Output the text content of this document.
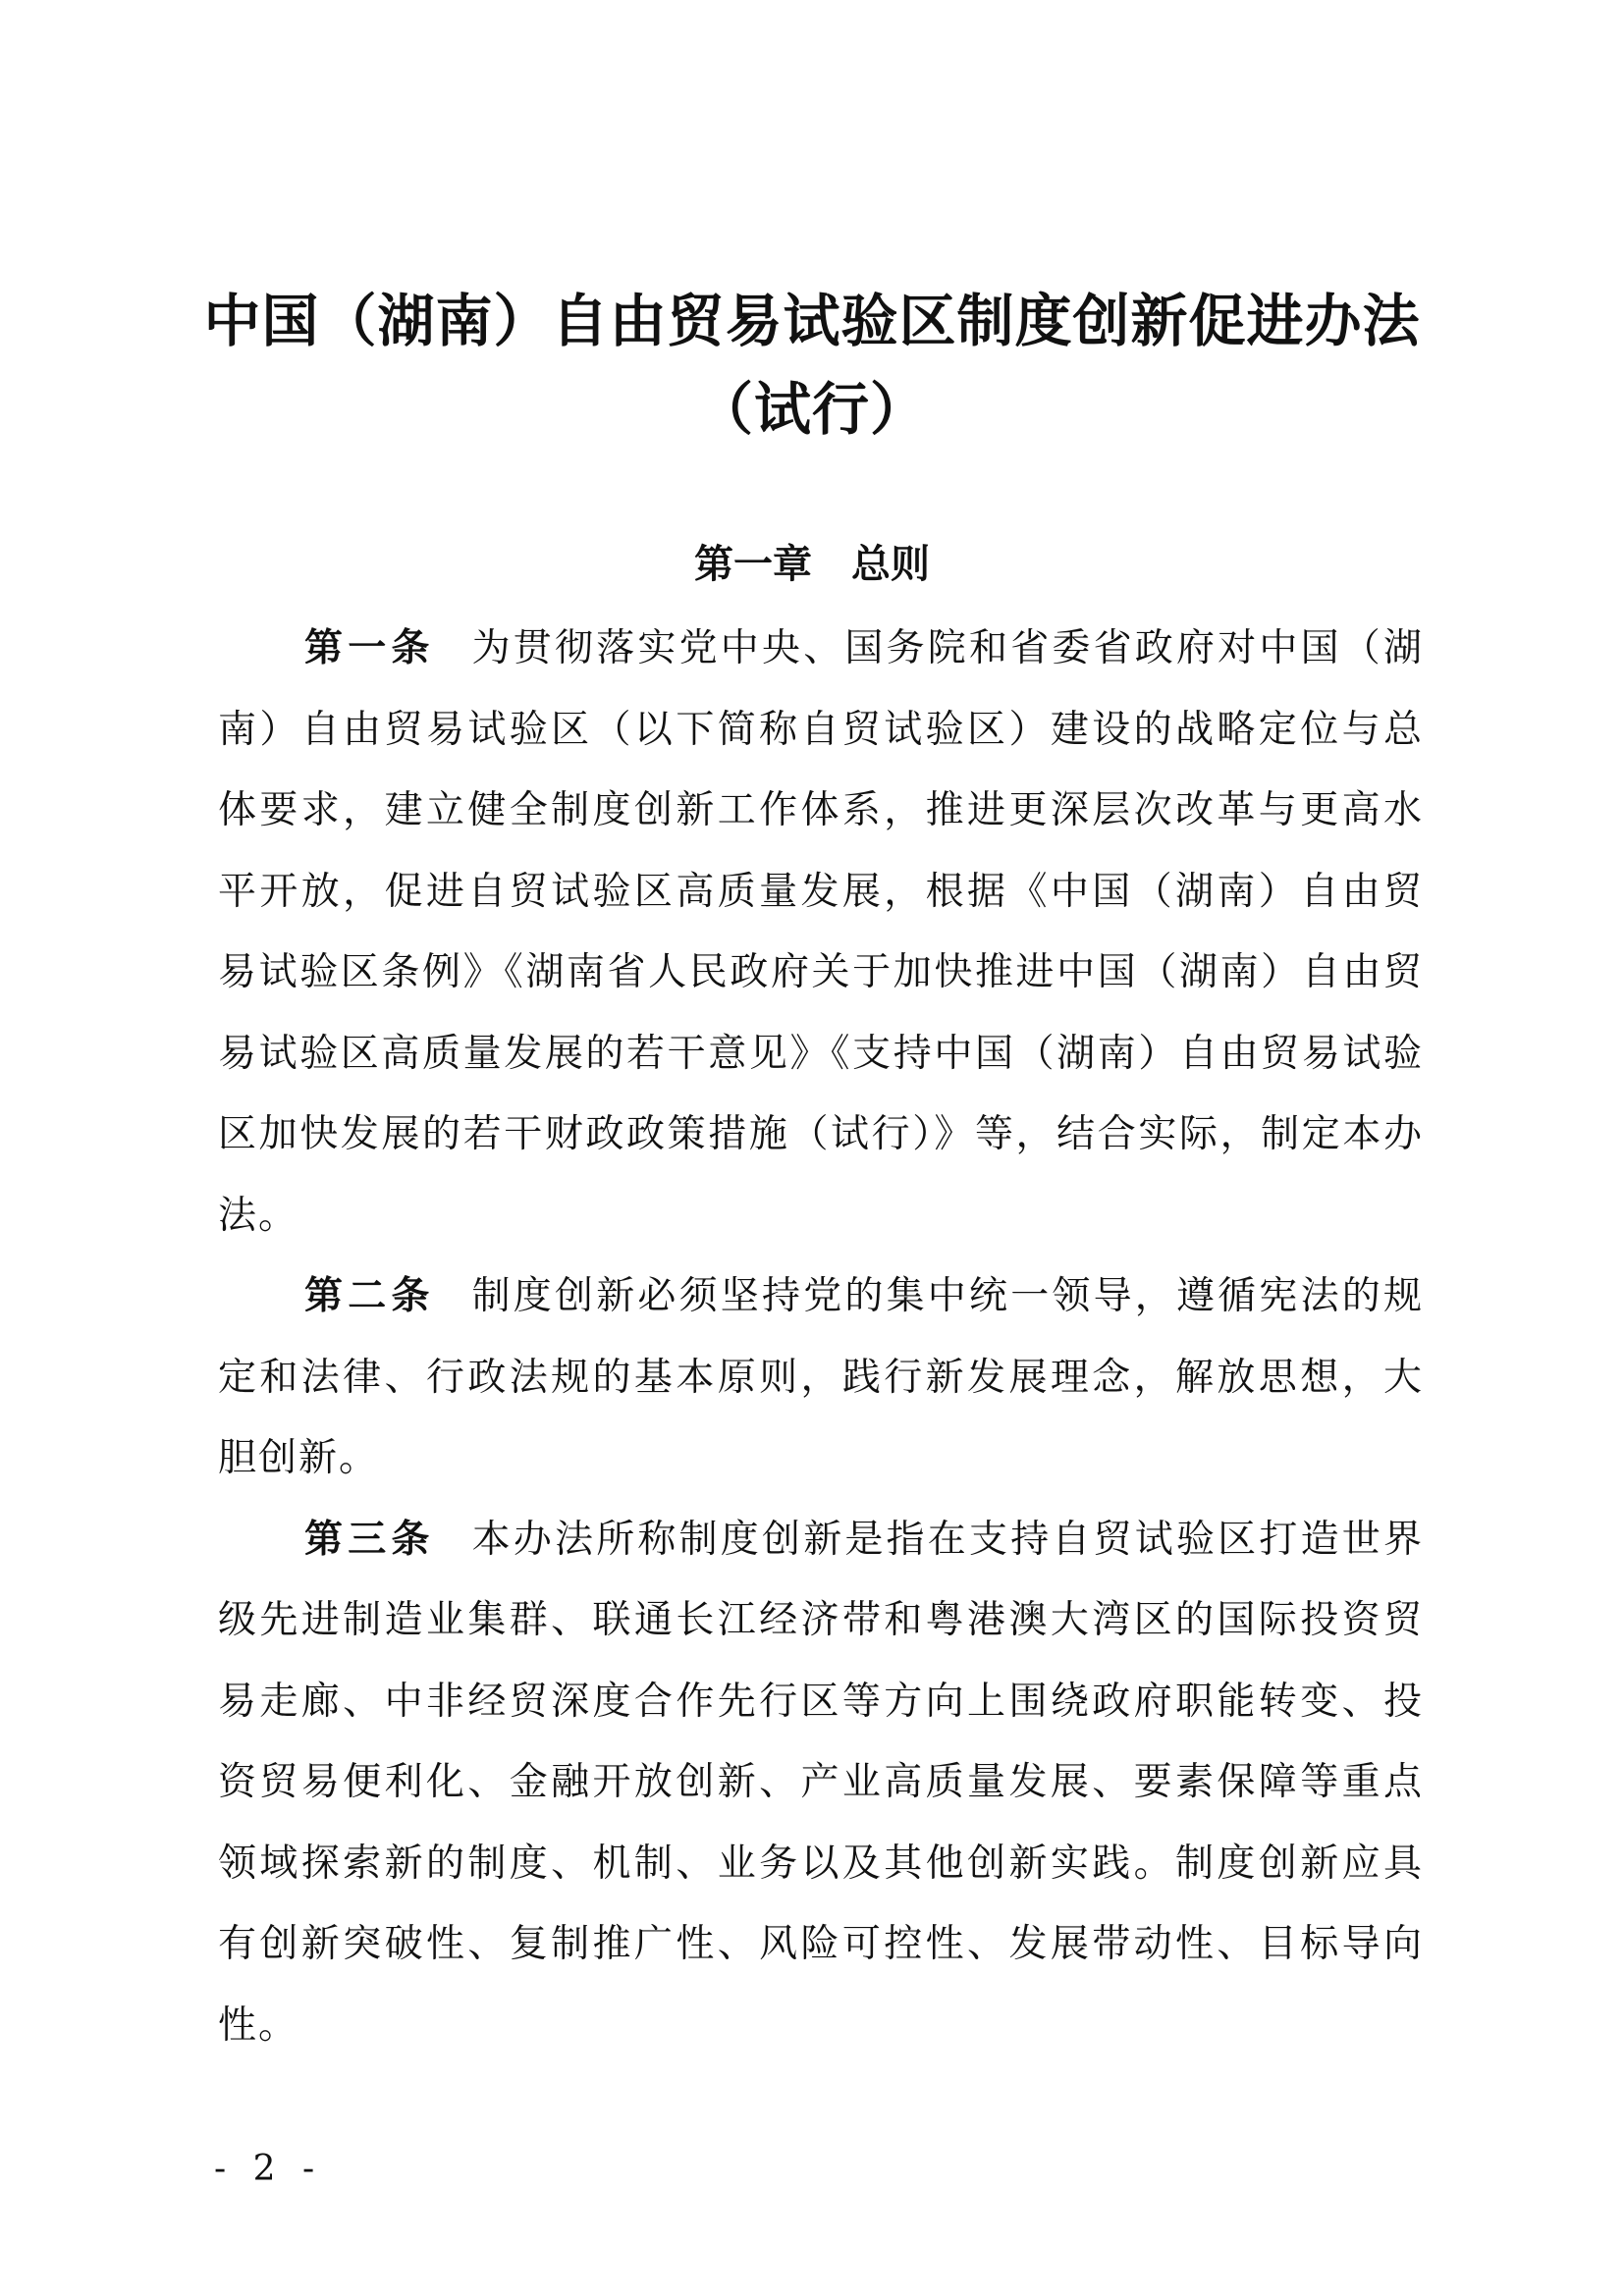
中国（湖南）自由贸易试验区制度创新促进办法
（试行）
第一章　总则

第一条 为贯彻落实党中央、国务院和省委省政府对中国（湖南）自由贸易试验区（以下简称自贸试验区）建设的战略定位与总体要求，建立健全制度创新工作体系，推进更深层次改革与更高水平开放，促进自贸试验区高质量发展，根据《中国（湖南）自由贸易试验区条例》《湖南省人民政府关于加快推进中国（湖南）自由贸易试验区高质量发展的若干意见》《支持中国（湖南）自由贸易试验区加快发展的若干财政政策措施（试行）》等，结合实际，制定本办法。

第二条 制度创新必须坚持党的集中统一领导，遵循宪法的规定和法律、行政法规的基本原则，践行新发展理念，解放思想，大胆创新。

第三条 本办法所称制度创新是指在支持自贸试验区打造世界级先进制造业集群、联通长江经济带和粤港澳大湾区的国际投资贸易走廊、中非经贸深度合作先行区等方向上围绕政府职能转变、投资贸易便利化、金融开放创新、产业高质量发展、要素保障等重点领域探索新的制度、机制、业务以及其他创新实践。制度创新应具有创新突破性、复制推广性、风险可控性、发展带动性、目标导向性。

- 2 -
